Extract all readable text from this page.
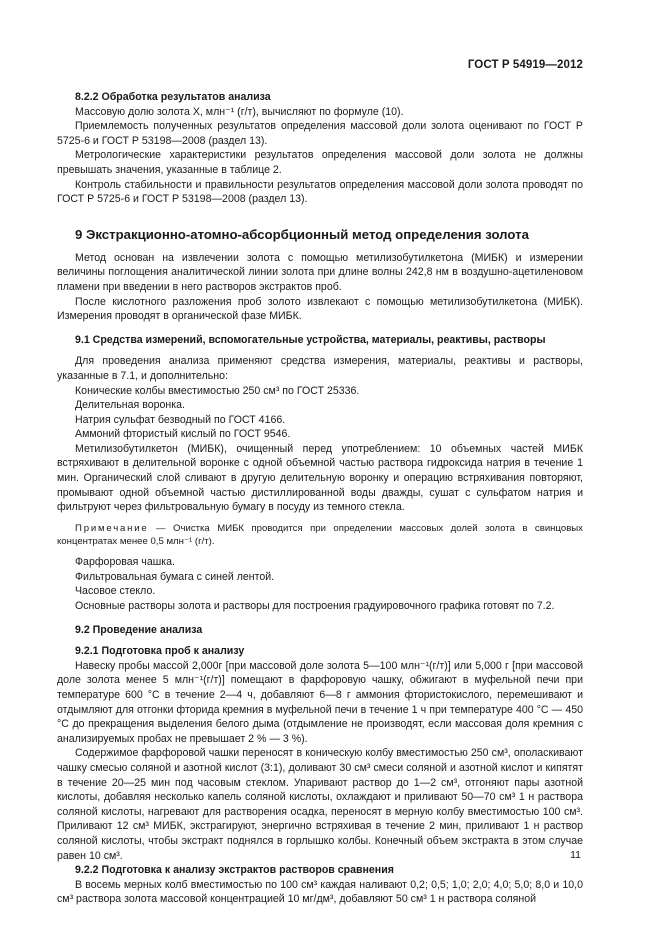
ГОСТ Р 54919—2012
8.2.2 Обработка результатов анализа

Массовую долю золота X, млн⁻¹ (г/т), вычисляют по формуле (10).

Приемлемость полученных результатов определения массовой доли золота оценивают по ГОСТ Р 5725-6 и ГОСТ Р 53198—2008 (раздел 13).

Метрологические характеристики результатов определения массовой доли золота не должны превышать значения, указанные в таблице 2.

Контроль стабильности и правильности результатов определения массовой доли золота проводят по ГОСТ Р 5725-6 и ГОСТ Р 53198—2008 (раздел 13).

9 Экстракционно-атомно-абсорбционный метод определения золота

Метод основан на извлечении золота с помощью метилизобутилкетона (МИБК) и измерении величины поглощения аналитической линии золота при длине волны 242,8 нм в воздушно-ацетиленовом пламени при введении в него растворов экстрактов проб.

После кислотного разложения проб золото извлекают с помощью метилизобутилкетона (МИБК). Измерения проводят в органической фазе МИБК.

9.1 Средства измерений, вспомогательные устройства, материалы, реактивы, растворы

Для проведения анализа применяют средства измерения, материалы, реактивы и растворы, указанные в 7.1, и дополнительно:

Конические колбы вместимостью 250 см³ по ГОСТ 25336.

Делительная воронка.

Натрия сульфат безводный по ГОСТ 4166.

Аммоний фтористый кислый по ГОСТ 9546.

Метилизобутилкетон (МИБК), очищенный перед употреблением: 10 объемных частей МИБК встряхивают в делительной воронке с одной объемной частью раствора гидроксида натрия в течение 1 мин. Органический слой сливают в другую делительную воронку и операцию встряхивания повторяют, промывают одной объемной частью дистиллированной воды дважды, сушат с сульфатом натрия и фильтруют через фильтровальную бумагу в посуду из темного стекла.

Примечание — Очистка МИБК проводится при определении массовых долей золота в свинцовых концентратах менее 0,5 млн⁻¹ (г/т).

Фарфоровая чашка.

Фильтровальная бумага с синей лентой.

Часовое стекло.

Основные растворы золота и растворы для построения градуировочного графика готовят по 7.2.

9.2 Проведение анализа
9.2.1 Подготовка проб к анализу

Навеску пробы массой 2,000г [при массовой доле золота 5—100 млн⁻¹(г/т)] или 5,000 г [при массовой доле золота менее 5 млн⁻¹(г/т)] помещают в фарфоровую чашку, обжигают в муфельной печи при температуре 600 °С в течение 2—4 ч, добавляют 6—8 г аммония фтористокислого, перемешивают и отдымляют для отгонки фторида кремния в муфельной печи в течение 1 ч при температуре 400 °С — 450 °С до прекращения выделения белого дыма (отдымление не производят, если массовая доля кремния с анализируемых пробах не превышает 2 % — 3 %).

Содержимое фарфоровой чашки переносят в коническую колбу вместимостью 250 см³, ополаскивают чашку смесью соляной и азотной кислот (3:1), доливают 30 см³ смеси соляной и азотной кислот и кипятят в течение 20—25 мин под часовым стеклом. Упаривают раствор до 1—2 см³, отгоняют пары азотной кислоты, добавляя несколько капель соляной кислоты, охлаждают и приливают 50—70 см³ 1 н раствора соляной кислоты, нагревают для растворения осадка, переносят в мерную колбу вместимостью 100 см³. Приливают 12 см³ МИБК, экстрагируют, энергично встряхивая в течение 2 мин, приливают 1 н раствор соляной кислоты, чтобы экстракт поднялся в горлышко колбы. Конечный объем экстракта в этом случае равен 10 см³.

9.2.2 Подготовка к анализу экстрактов растворов сравнения

В восемь мерных колб вместимостью по 100 см³ каждая наливают 0,2; 0,5; 1,0; 2,0; 4,0; 5,0; 8,0 и 10,0 см³ раствора золота массовой концентрацией 10 мг/дм³, добавляют 50 см³ 1 н раствора соляной

11
